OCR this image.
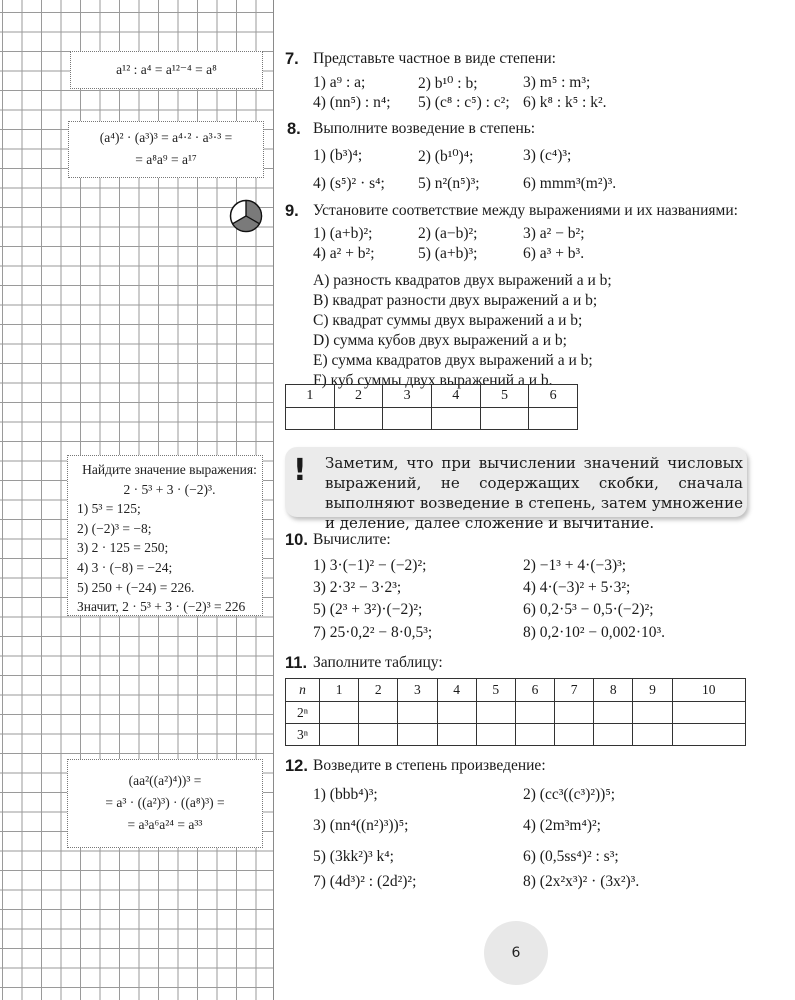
a¹² : a⁴ = a¹²⁻⁴ = a⁸
(a⁴)² · (a³)³ = a⁴·² · a³·³ =
= a⁸a⁹ = a¹⁷
Найдите значение выражения:
2 · 5³ + 3 · (−2)³.
1) 5³ = 125;
2) (−2)³ = −8;
3) 2 · 125 = 250;
4) 3 · (−8) = −24;
5) 250 + (−24) = 226.
Значит, 2 · 5³ + 3 · (−2)³ = 226
(aa²((a²)⁴))³ =
= a³ · ((a²)³) · ((a⁸)³) =
= a³a⁶a²⁴ = a³³
7. Представьте частное в виде степени:
1) a⁹ : a;	2) b¹⁰ : b;	3) m⁵ : m³;
4) (nn⁵) : n⁴; 5) (c⁸ : c⁵) : c²; 6) k⁸ : k⁵ : k².
8. Выполните возведение в степень:
1) (b³)⁴;	2) (b¹⁰)⁴;	3) (c⁴)³;
4) (s⁵)² · s⁴; 5) n²(n⁵)³;	6) mmm³(m²)³.
9. Установите соответствие между выражениями и их названиями:
1) (a+b)²;	2) (a−b)²;	3) a² − b²;
4) a² + b²;	5) (a+b)³;	6) a³ + b³.
A) разность квадратов двух выражений a и b;
B) квадрат разности двух выражений a и b;
C) квадрат суммы двух выражений a и b;
D) сумма кубов двух выражений a и b;
E) сумма квадратов двух выражений a и b;
F) куб суммы двух выражений a и b.
1	2	3	4	5	6

! Заметим, что при вычислении значений числовых выражений, не содержащих скобки, сначала выполняют возведение в степень, затем умножение и деление, далее сложение и вычитание.
10. Вычислите:
1) 3·(−1)² − (−2)²;	2) −1³ + 4·(−3)³;
3) 2·3² − 3·2³;	4) 4·(−3)² + 5·3²;
5) (2³ + 3²)·(−2)²;	6) 0,2·5³ − 0,5·(−2)²;
7) 25·0,2² − 8·0,5³;	8) 0,2·10² − 0,002·10³.
11. Заполните таблицу:
n	1	2	3	4	5	6	7	8	9	10
2ⁿ										
3ⁿ										
12. Возведите в степень произведение:
1) (bbb⁴)³;	2) (cc³((c³)²))⁵;
3) (nn⁴((n²)³))⁵;	4) (2m³m⁴)²;
5) (3kk²)³ k⁴;	6) (0,5ss⁴)² : s³;
7) (4d³)² : (2d²)²;	8) (2x²x³)² · (3x²)³.
6
